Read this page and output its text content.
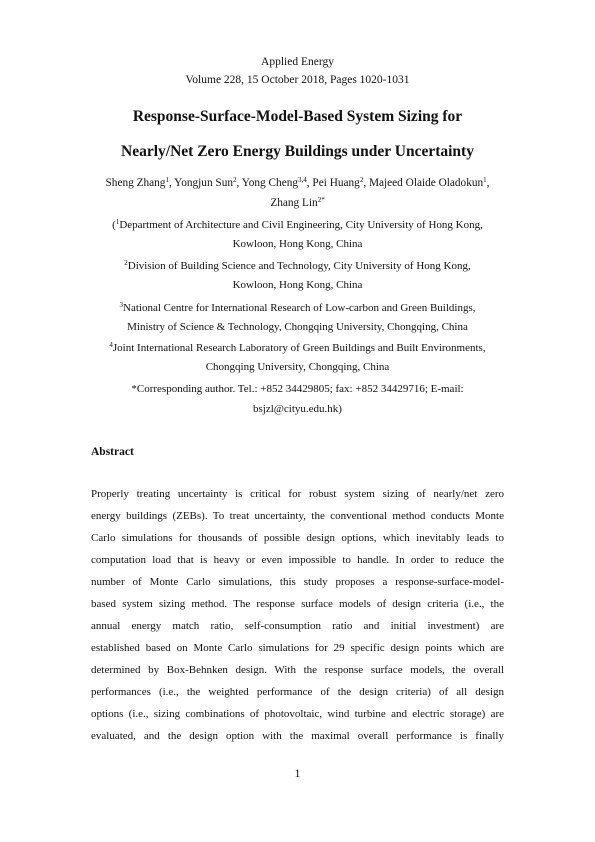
Applied Energy
Volume 228, 15 October 2018, Pages 1020-1031
Response-Surface-Model-Based System Sizing for
Nearly/Net Zero Energy Buildings under Uncertainty
Sheng Zhang$^1$, Yongjun Sun$^2$, Yong Cheng$^{3,4}$, Pei Huang$^2$, Majeed Olaide Oladokun$^1$,
Zhang Lin$^{2*}$
($^1$Department of Architecture and Civil Engineering, City University of Hong Kong,
Kowloon, Hong Kong, China
$^2$Division of Building Science and Technology, City University of Hong Kong,
Kowloon, Hong Kong, China
$^3$National Centre for International Research of Low-carbon and Green Buildings,
Ministry of Science & Technology, Chongqing University, Chongqing, China
$^4$Joint International Research Laboratory of Green Buildings and Built Environments,
Chongqing University, Chongqing, China
*Corresponding author. Tel.: +852 34429805; fax: +852 34429716; E-mail:
bsjzl@cityu.edu.hk)
Abstract
Properly treating uncertainty is critical for robust system sizing of nearly/net zero
energy buildings (ZEBs). To treat uncertainty, the conventional method conducts Monte
Carlo simulations for thousands of possible design options, which inevitably leads to
computation load that is heavy or even impossible to handle. In order to reduce the
number of Monte Carlo simulations, this study proposes a response-surface-model-
based system sizing method. The response surface models of design criteria (i.e., the
annual energy match ratio, self-consumption ratio and initial investment) are
established based on Monte Carlo simulations for 29 specific design points which are
determined by Box-Behnken design. With the response surface models, the overall
performances (i.e., the weighted performance of the design criteria) of all design
options (i.e., sizing combinations of photovoltaic, wind turbine and electric storage) are
evaluated, and the design option with the maximal overall performance is finally
1
